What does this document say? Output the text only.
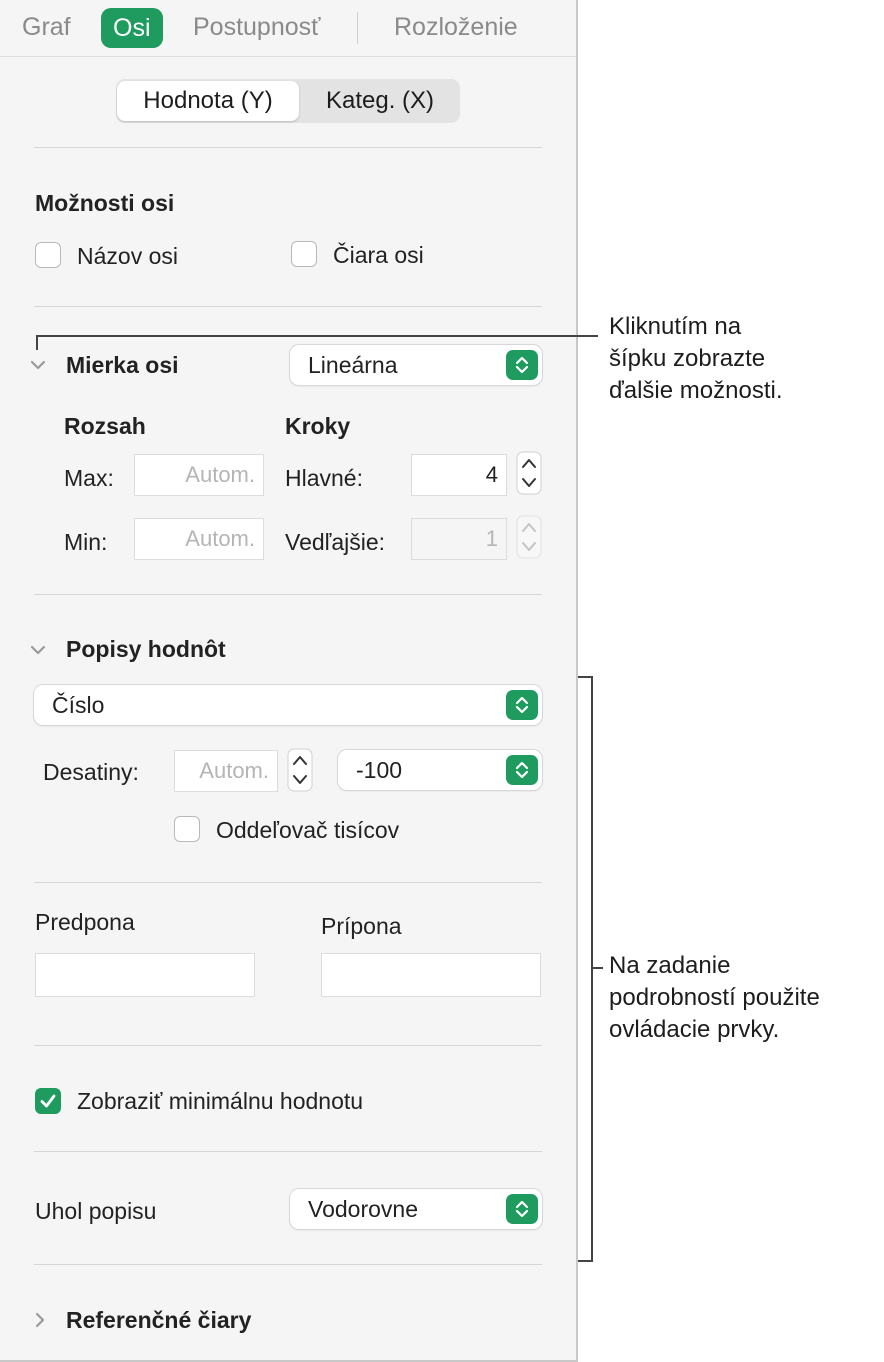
Graf	Osi	Postupnosť	Rozloženie
Hodnota (Y)	Kateg. (X)
Možnosti osi
Názov osi	Čiara osi
Mierka osi	Lineárna
Rozsah	Kroky
Max:	Autom.	Hlavné:	4
Min:	Autom.	Vedľajšie:	1
Popisy hodnôt
Číslo
Desatiny:	Autom.	-100
Oddeľovač tisícov
Predpona	Prípona
Zobraziť minimálnu hodnotu
Uhol popisu	Vodorovne
Referenčné čiary
Kliknutím na
šípku zobrazte
ďalšie možnosti.
Na zadanie
podrobností použite
ovládacie prvky.
